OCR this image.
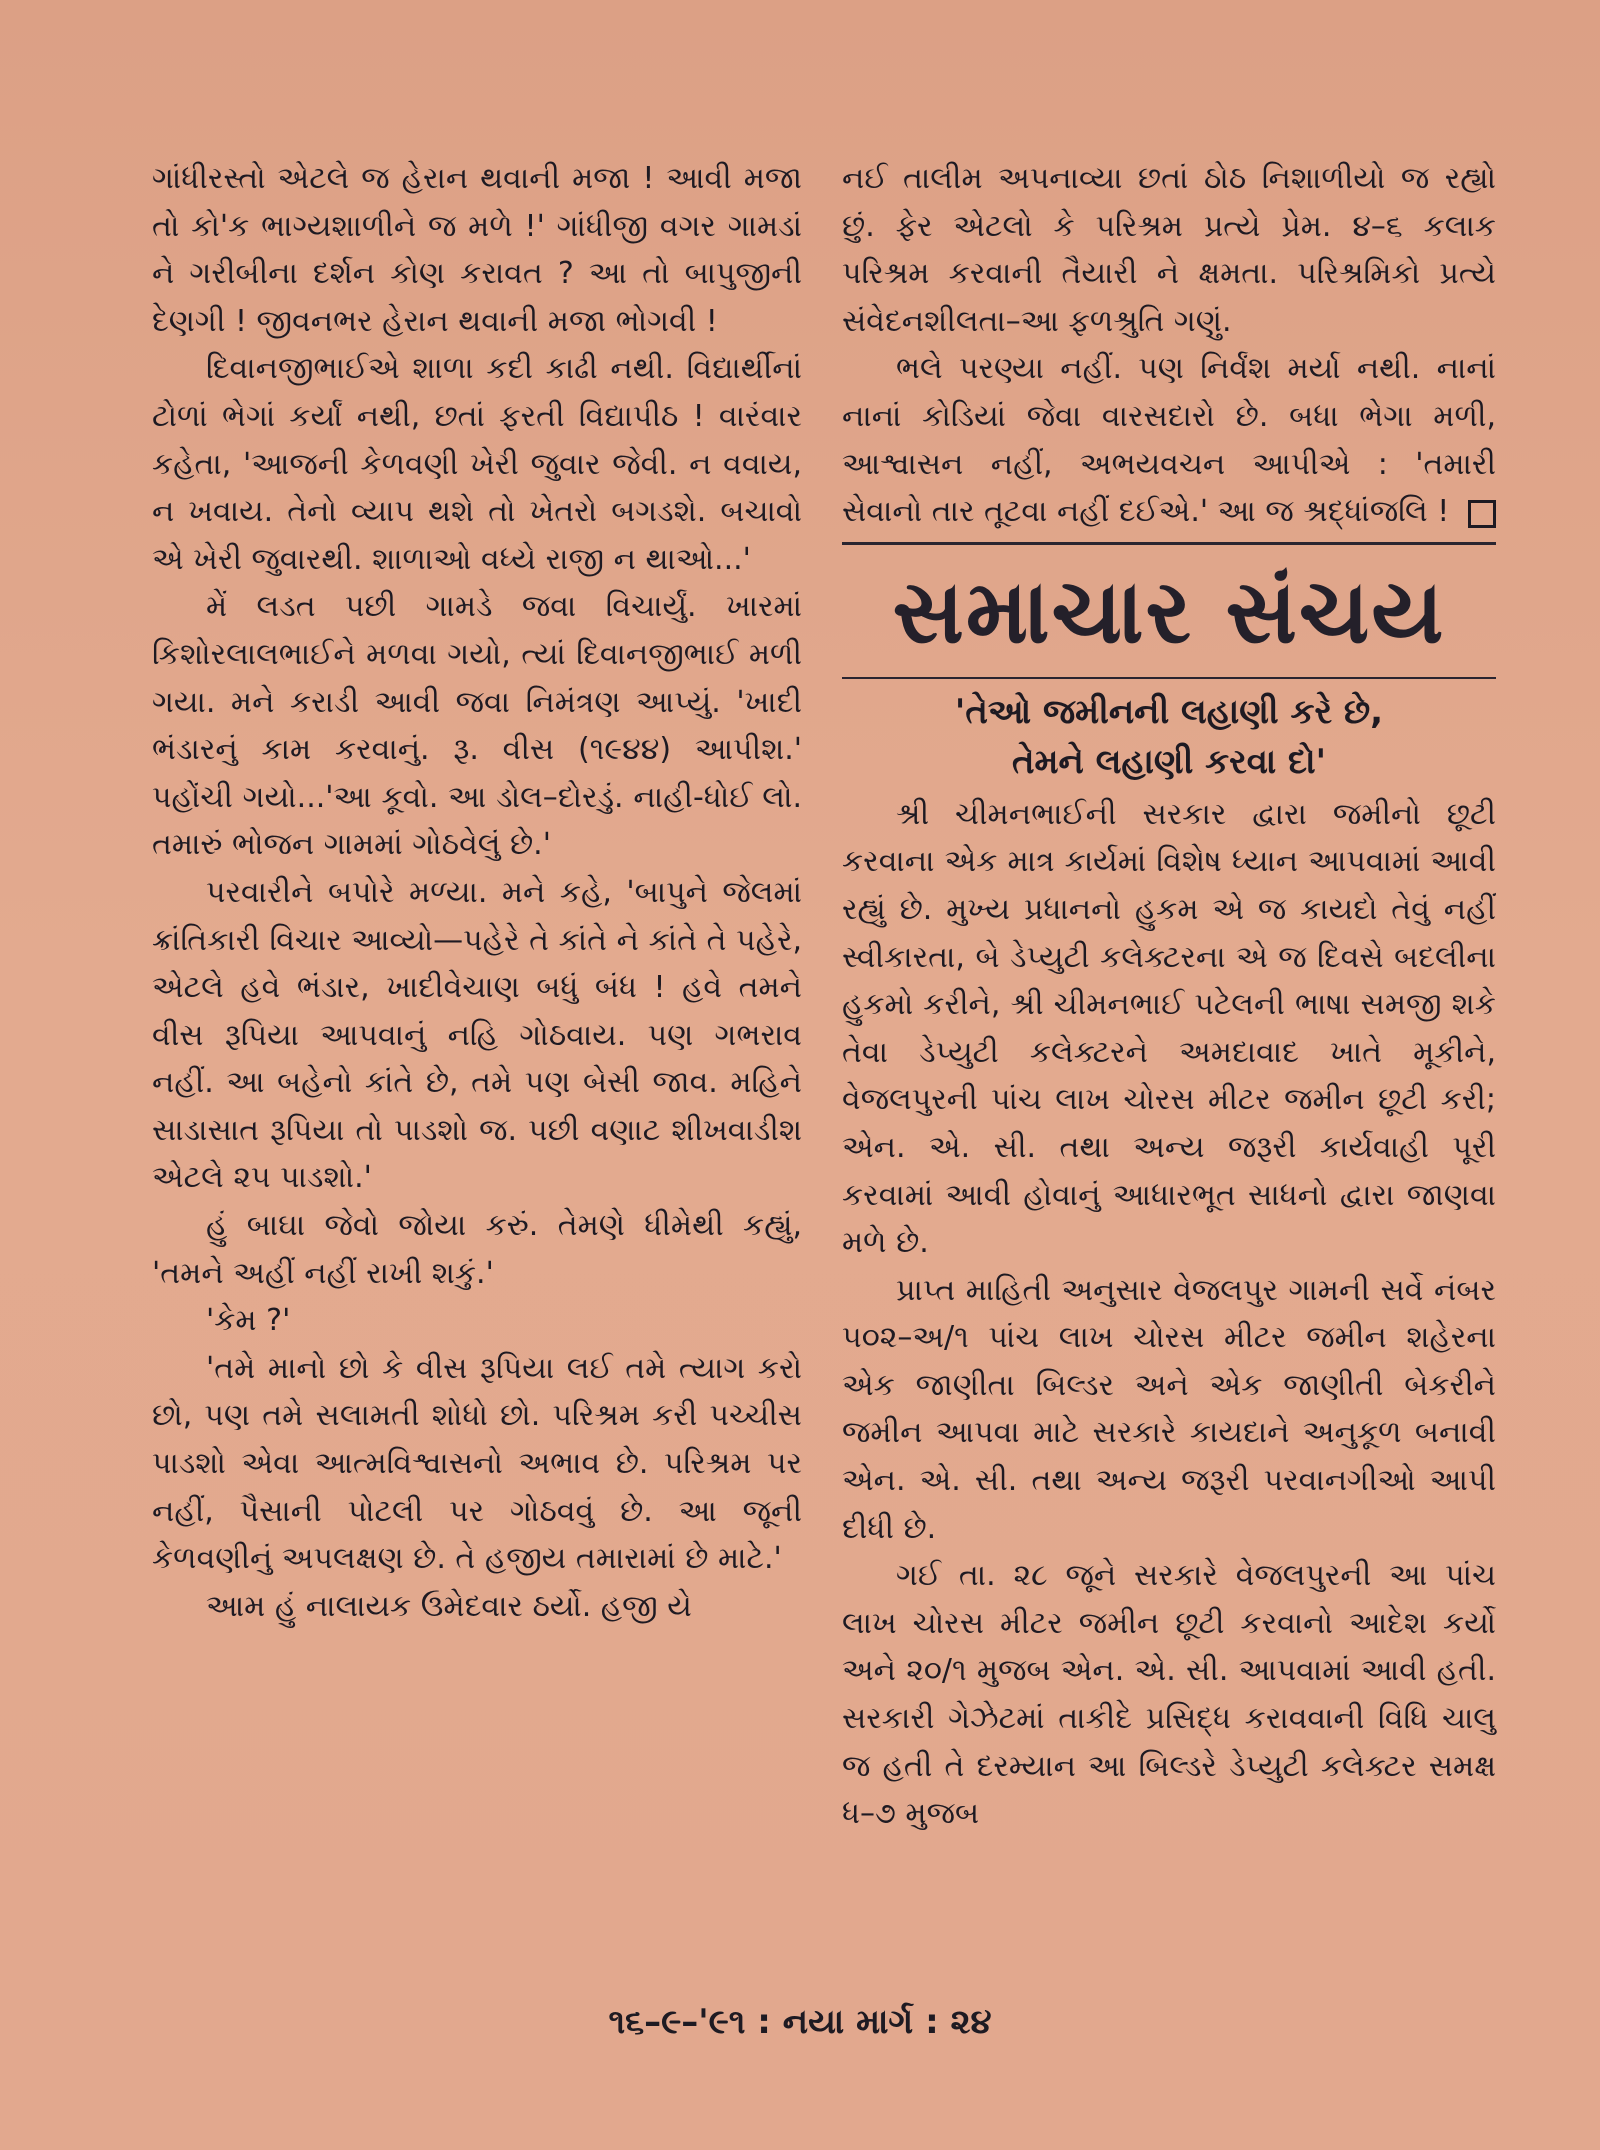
ગાંધીરસ્તો એટલે જ હેરાન થવાની મજા ! આવી મજા તો કો'ક ભાગ્યશાળીને જ મળે !' ગાંધીજી વગર ગામડાં ને ગરીબીના દર્શન કોણ કરાવત ? આ તો બાપુજીની દેણગી ! જીવનભર હેરાન થવાની મજા ભોગવી !

દિવાનજીભાઈએ શાળા કદી કાઢી નથી. વિદ્યાર્થીનાં ટોળાં ભેગાં કર્યાં નથી, છતાં ફરતી વિદ્યાપીઠ ! વારંવાર કહેતા, 'આજની કેળવણી ખેરી જુવાર જેવી. ન વવાય, ન ખવાય. તેનો વ્યાપ થશે તો ખેતરો બગડશે. બચાવો એ ખેરી જુવારથી. શાળાઓ વધ્યે રાજી ન થાઓ...'

મેં લડત પછી ગામડે જવા વિચાર્યું. ખારમાં કિશોરલાલભાઈને મળવા ગયો, ત્યાં દિવાનજીભાઈ મળી ગયા. મને કરાડી આવી જવા નિમંત્રણ આપ્યું. 'ખાદી ભંડારનું કામ કરવાનું. રૂ. વીસ (૧૯૪૪) આપીશ.' પહોંચી ગયો...'આ કૂવો. આ ડોલ–દોરડું. નાહી-ધોઈ લો. તમારું ભોજન ગામમાં ગોઠવેલું છે.'

પરવારીને બપોરે મળ્યા. મને કહે, 'બાપુને જેલમાં ક્રાંતિકારી વિચાર આવ્યો—પહેરે તે કાંતે ને કાંતે તે પહેરે, એટલે હવે ભંડાર, ખાદીવેચાણ બધું બંધ ! હવે તમને વીસ રૂપિયા આપવાનું નહિ ગોઠવાય. પણ ગભરાવ નહીં. આ બહેનો કાંતે છે, તમે પણ બેસી જાવ. મહિને સાડાસાત રૂપિયા તો પાડશો જ. પછી વણાટ શીખવાડીશ એટલે ૨૫ પાડશો.'

હું બાઘા જેવો જોયા કરું. તેમણે ધીમેથી કહ્યું, 'તમને અહીં નહીં રાખી શકું.'

'કેમ ?'

'તમે માનો છો કે વીસ રૂપિયા લઈ તમે ત્યાગ કરો છો, પણ તમે સલામતી શોધો છો. પરિશ્રમ કરી પચ્ચીસ પાડશો એવા આત્મવિશ્વાસનો અભાવ છે. પરિશ્રમ પર નહીં, પૈસાની પોટલી પર ગોઠવવું છે. આ જૂની કેળવણીનું અપલક્ષણ છે. તે હજીય તમારામાં છે માટે.'

આમ હું નાલાયક ઉમેદવાર ઠર્યો. હજી યે

નઈ તાલીમ અપનાવ્યા છતાં ઠોઠ નિશાળીયો જ રહ્યો છું. ફેર એટલો કે પરિશ્રમ પ્રત્યે પ્રેમ. ૪–૬ કલાક પરિશ્રમ કરવાની તૈયારી ને ક્ષમતા. પરિશ્રમિકો પ્રત્યે સંવેદનશીલતા–આ ફળશ્રુતિ ગણું.

ભલે પરણ્યા નહીં. પણ નિર્વંશ મર્યા નથી. નાનાં નાનાં કોડિયાં જેવા વારસદારો છે. બધા ભેગા મળી, આશ્વાસન નહીં, અભયવચન આપીએ : 'તમારી સેવાનો તાર તૂટવા નહીં દઈએ.' આ જ શ્રદ્ધાંજલિ !

સમાચાર સંચય
'તેઓ જમીનની લહાણી કરે છે,
તેમને લહાણી કરવા દો'

શ્રી ચીમનભાઈની સરકાર દ્વારા જમીનો છૂટી કરવાના એક માત્ર કાર્યમાં વિશેષ ધ્યાન આપવામાં આવી રહ્યું છે. મુખ્ય પ્રધાનનો હુકમ એ જ કાયદો તેવું નહીં સ્વીકારતા, બે ડેપ્યુટી કલેક્ટરના એ જ દિવસે બદલીના હુકમો કરીને, શ્રી ચીમનભાઈ પટેલની ભાષા સમજી શકે તેવા ડેપ્યુટી કલેક્ટરને અમદાવાદ ખાતે મૂકીને, વેજલપુરની પાંચ લાખ ચોરસ મીટર જમીન છૂટી કરી; એન. એ. સી. તથા અન્ય જરૂરી કાર્યવાહી પૂરી કરવામાં આવી હોવાનું આધારભૂત સાધનો દ્વારા જાણવા મળે છે.

પ્રાપ્ત માહિતી અનુસાર વેજલપુર ગામની સર્વે નંબર ૫૦૨–અ/૧ પાંચ લાખ ચોરસ મીટર જમીન શહેરના એક જાણીતા બિલ્ડર અને એક જાણીતી બેકરીને જમીન આપવા માટે સરકારે કાયદાને અનુકૂળ બનાવી એન. એ. સી. તથા અન્ય જરૂરી પરવાનગીઓ આપી દીધી છે.

ગઈ તા. ૨૮ જૂને સરકારે વેજલપુરની આ પાંચ લાખ ચોરસ મીટર જમીન છૂટી કરવાનો આદેશ કર્યો અને ૨૦/૧ મુજબ એન. એ. સી. આપવામાં આવી હતી. સરકારી ગેઝેટમાં તાકીદે પ્રસિદ્ધ કરાવવાની વિધિ ચાલુ જ હતી તે દરમ્યાન આ બિલ્ડરે ડેપ્યુટી કલેક્ટર સમક્ષ ધ–૭ મુજબ

૧૬–૯–'૯૧ : નયા માર્ગ : ૨૪
